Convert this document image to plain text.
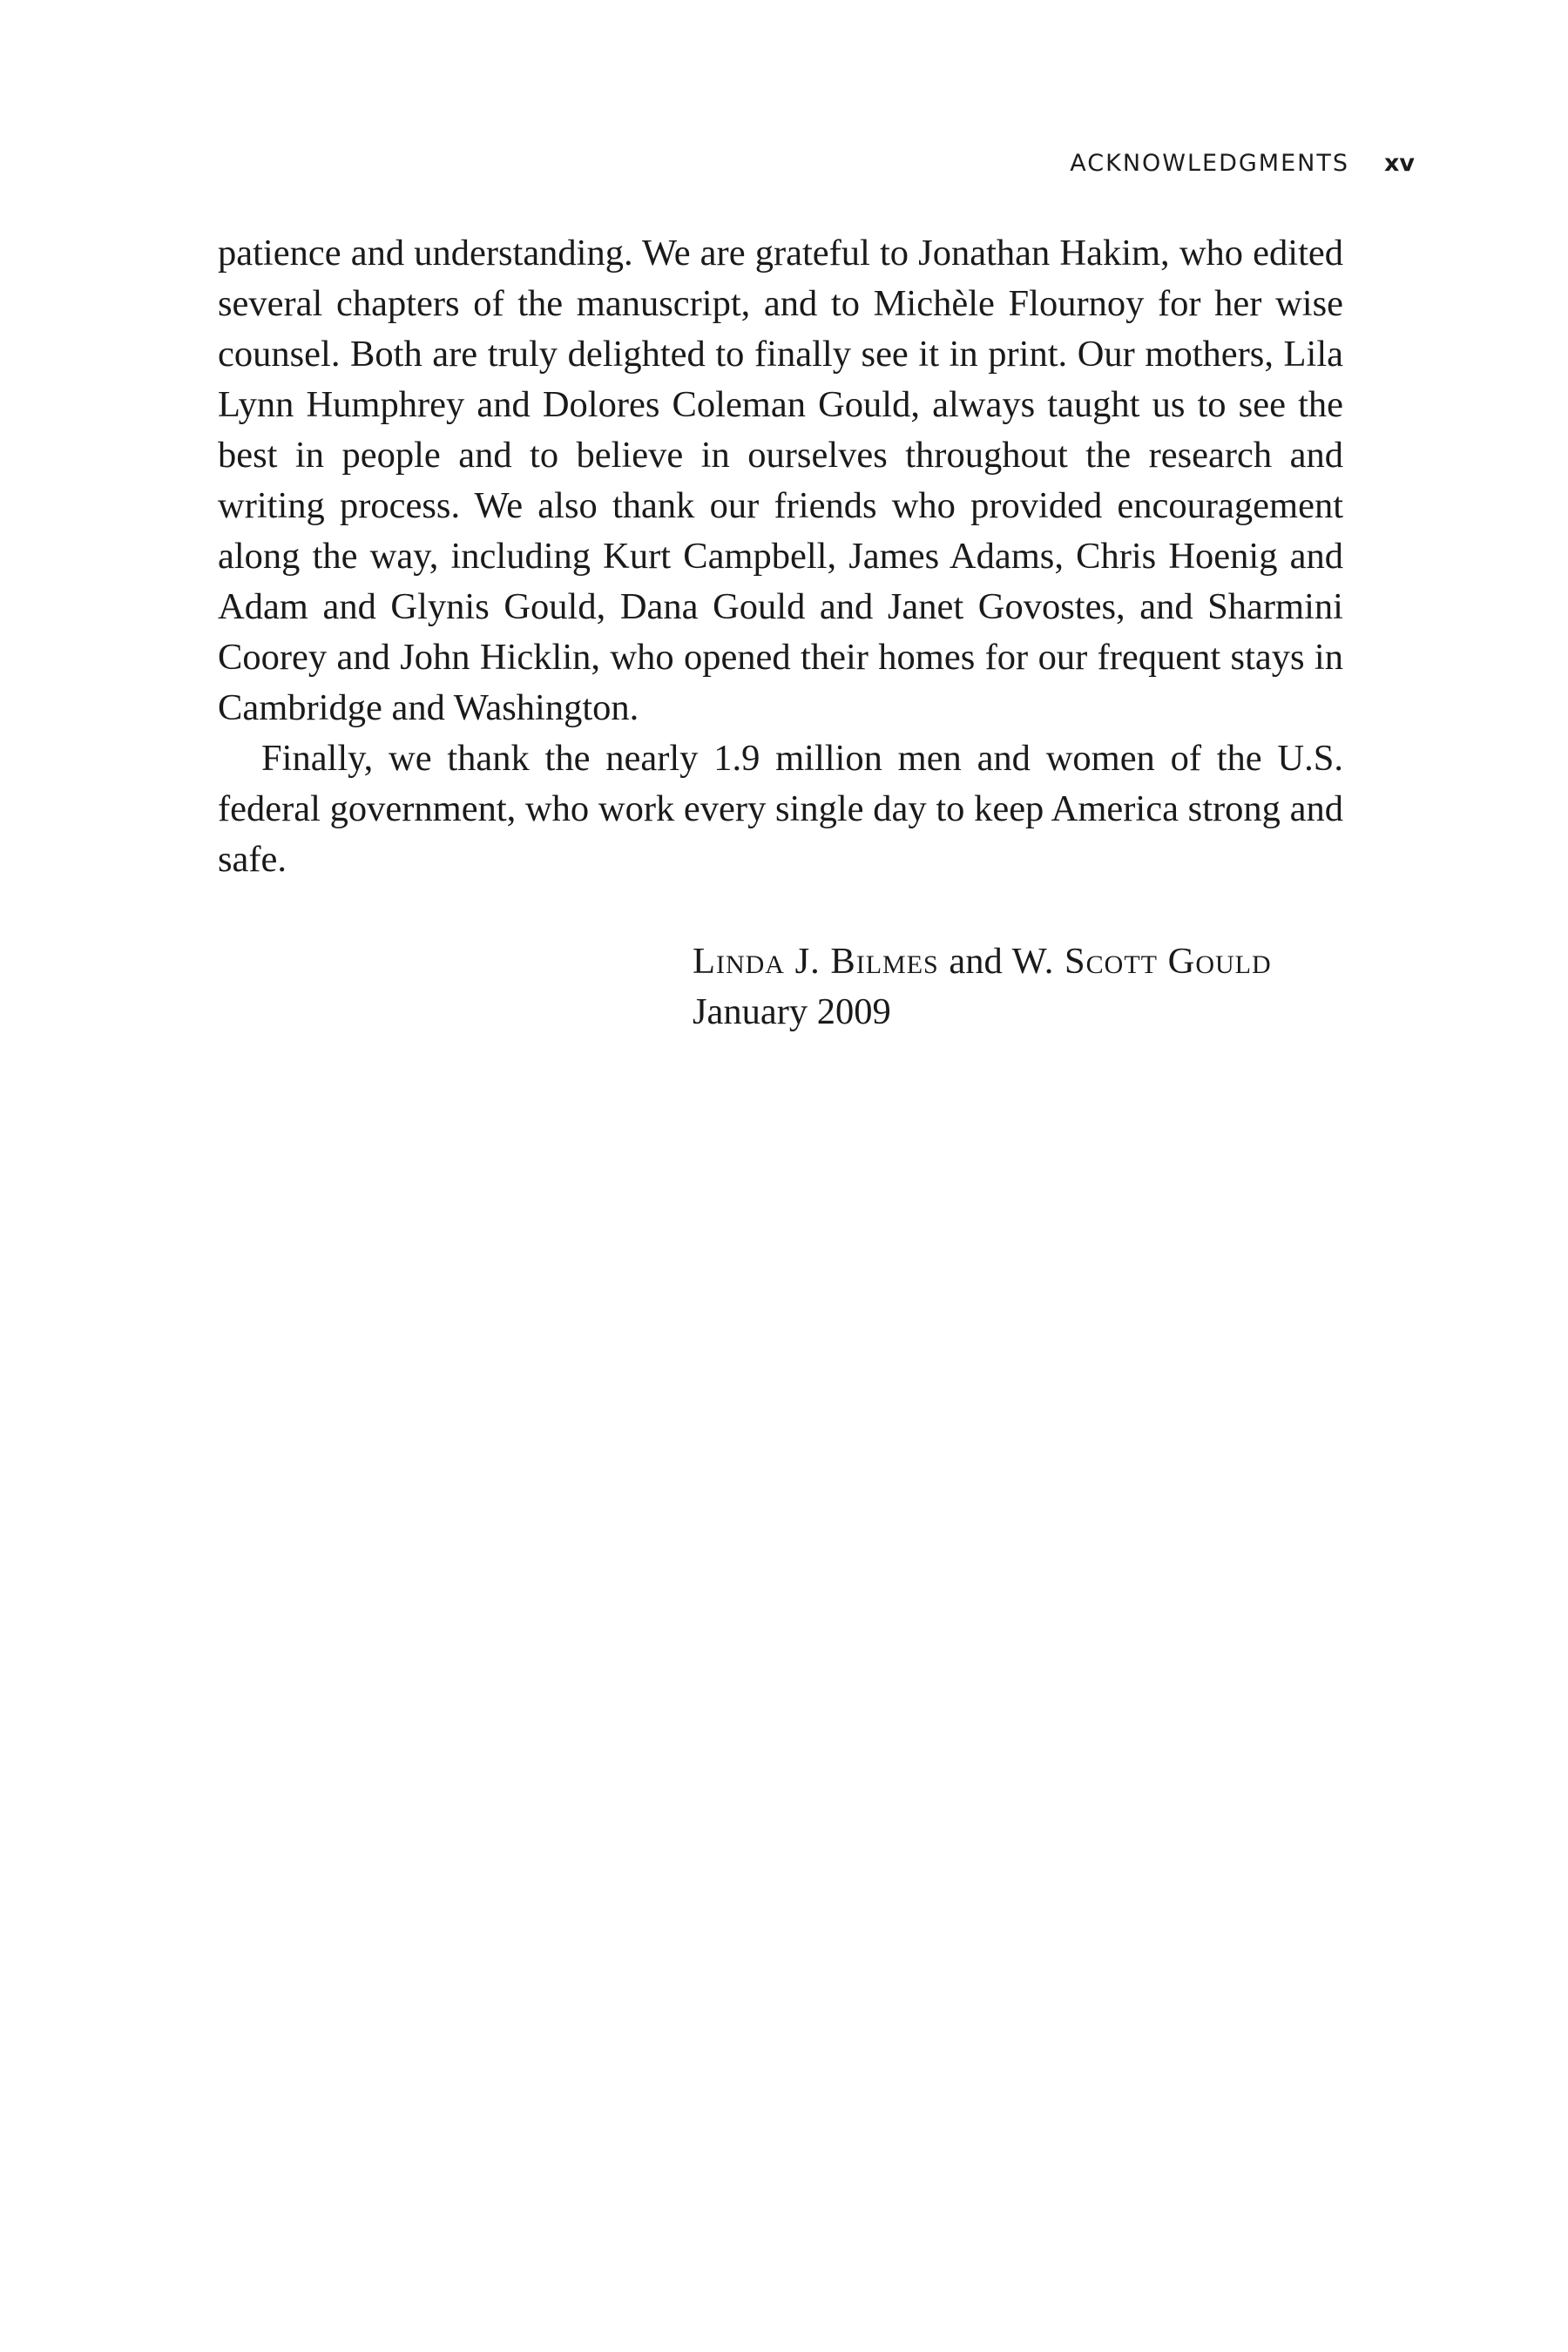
ACKNOWLEDGMENTS xv

patience and understanding. We are grateful to Jonathan Hakim, who edited several chapters of the manuscript, and to Michèle Flournoy for her wise counsel. Both are truly delighted to finally see it in print. Our mothers, Lila Lynn Humphrey and Dolores Coleman Gould, always taught us to see the best in people and to believe in ourselves throughout the research and writing process. We also thank our friends who provided encouragement along the way, including Kurt Campbell, James Adams, Chris Hoenig and Adam and Glynis Gould, Dana Gould and Janet Govostes, and Sharmini Coorey and John Hicklin, who opened their homes for our frequent stays in Cambridge and Washington.

Finally, we thank the nearly 1.9 million men and women of the U.S. federal government, who work every single day to keep America strong and safe.

Linda J. Bilmes and W. Scott Gould
January 2009
